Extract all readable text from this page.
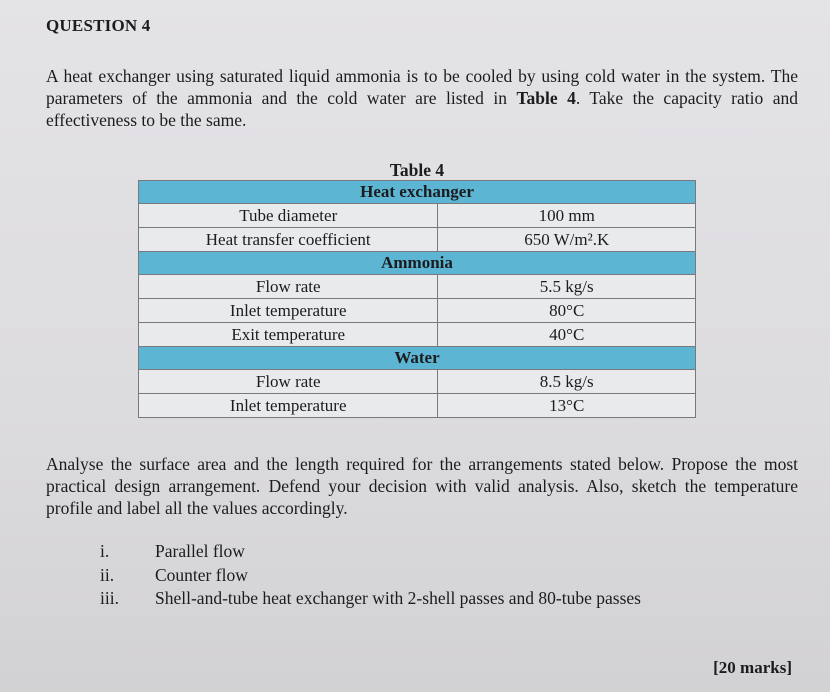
QUESTION 4
A heat exchanger using saturated liquid ammonia is to be cooled by using cold water in the system. The parameters of the ammonia and the cold water are listed in Table 4. Take the capacity ratio and effectiveness to be the same.
Table 4
Heat exchanger	
Tube diameter	100 mm
Heat transfer coefficient	650 W/m².K
Ammonia	
Flow rate	5.5 kg/s
Inlet temperature	80°C
Exit temperature	40°C
Water	
Flow rate	8.5 kg/s
Inlet temperature	13°C
Analyse the surface area and the length required for the arrangements stated below. Propose the most practical design arrangement. Defend your decision with valid analysis. Also, sketch the temperature profile and label all the values accordingly.
i.	Parallel flow
ii.	Counter flow
iii.	Shell-and-tube heat exchanger with 2-shell passes and 80-tube passes
[20 marks]
